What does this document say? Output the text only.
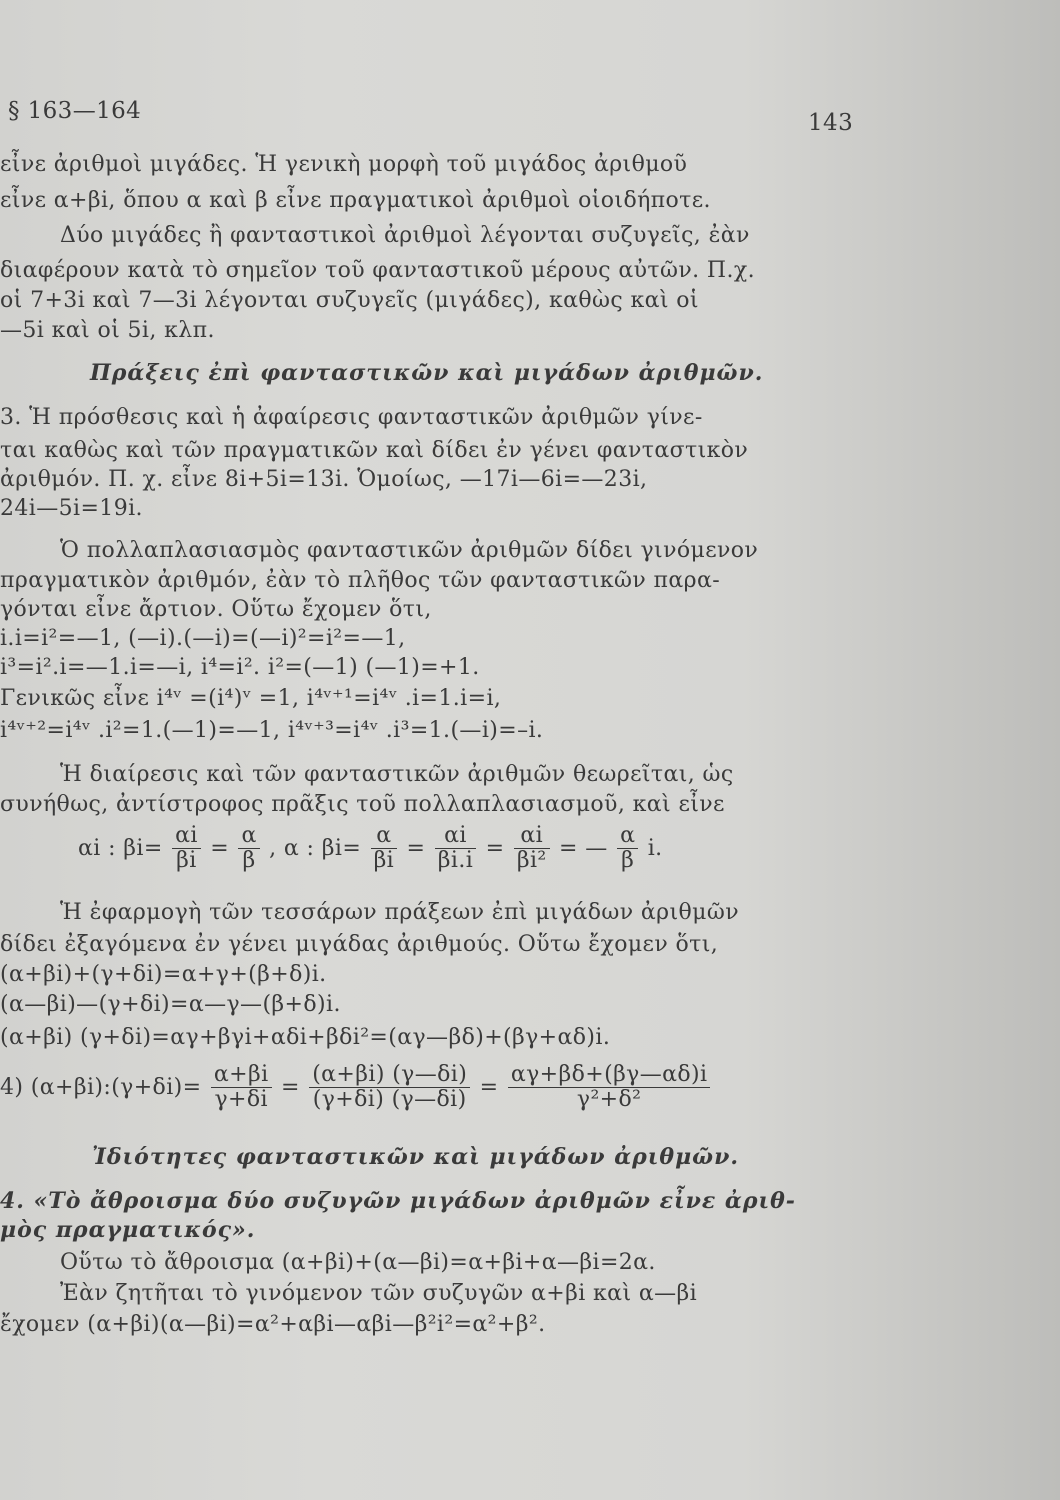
§ 163—164	143
εἶνε ἀριθμοὶ μιγάδες. Ἡ γενικὴ μορφὴ τοῦ μιγάδος ἀριθμοῦ
εἶνε α+βi, ὅπου α καὶ β εἶνε πραγματικοὶ ἀριθμοὶ οἱοιδήποτε.
Δύο μιγάδες ἢ φανταστικοὶ ἀριθμοὶ λέγονται συζυγεῖς, ἐὰν
διαφέρουν κατὰ τὸ σημεῖον τοῦ φανταστικοῦ μέρους αὐτῶν. Π.χ.
οἱ 7+3i καὶ 7—3i λέγονται συζυγεῖς (μιγάδες), καθὼς καὶ οἱ
—5i καὶ οἱ 5i, κλπ.
Πράξεις ἐπὶ φανταστικῶν καὶ μιγάδων ἀριθμῶν.
3. Ἡ πρόσθεσις καὶ ἡ ἀφαίρεσις φανταστικῶν ἀριθμῶν γίνε-
ται καθὼς καὶ τῶν πραγματικῶν καὶ δίδει ἐν γένει φανταστικὸν
ἀριθμόν. Π. χ. εἶνε 8i+5i=13i. Ὁμοίως, —17i—6i=—23i,
24i—5i=19i.
Ὁ πολλαπλασιασμὸς φανταστικῶν ἀριθμῶν δίδει γινόμενον
πραγματικὸν ἀριθμόν, ἐὰν τὸ πλῆθος τῶν φανταστικῶν παρα-
γόνται εἶνε ἄρτιον. Οὕτω ἔχομεν ὅτι,
i.i=i²=—1, (—i).(—i)=(—i)²=i²=—1,
i³=i².i=—1.i=—i, i⁴=i². i²=(—1) (—1)=+1.
Γενικῶς εἶνε i⁴ᵛ =(i⁴)ᵛ =1, i⁴ᵛ⁺¹=i⁴ᵛ .i=1.i=i,
i⁴ᵛ⁺²=i⁴ᵛ .i²=1.(—1)=—1, i⁴ᵛ⁺³=i⁴ᵛ .i³=1.(—i)=–i.
Ἡ διαίρεσις καὶ τῶν φανταστικῶν ἀριθμῶν θεωρεῖται, ὡς
συνήθως, ἀντίστροφος πρᾶξις τοῦ πολλαπλασιασμοῦ, καὶ εἶνε
αi : $\beta i= \frac{\alpha i}{\beta i} = \frac{\alpha}{\beta}$ , α : $\beta i= \frac{\alpha}{\beta i} = \frac{\alpha i}{\beta i.i} = \frac{\alpha i}{\text{βi²}}$ = — $\frac{\alpha}{\beta} i$.
Ἡ ἐφαρμογὴ τῶν τεσσάρων πράξεων ἐπὶ μιγάδων ἀριθμῶν
δίδει ἐξαγόμενα ἐν γένει μιγάδας ἀριθμούς. Οὕτω ἔχομεν ὅτι,
(α+βi)+(γ+δi)=α+γ+(β+δ)i.
(α—βi)—(γ+δi)=α—γ—(β+δ)i.
(α+βi) (γ+δi)=αγ+βγi+αδi+βδi²=(αγ—βδ)+(βγ+αδ)i.
4) (α+βi):(γ+δi)= $\frac{\alpha+\beta i}{\gamma+\delta i} = \frac{(\alpha+\beta i) (\gamma—\delta i)}{(\gamma+\delta i) (\gamma—\delta i)} = \frac{\alpha\gamma+\beta\delta+(\beta\gamma—\alpha\delta)i}{\text{γ²+δ²}}$
Ἰδιότητες φανταστικῶν καὶ μιγάδων ἀριθμῶν.
4. «Τὸ ἄθροισμα δύο συζυγῶν μιγάδων ἀριθμῶν εἶνε ἀριθ-
μὸς πραγματικός».
Οὕτω τὸ ἄθροισμα (α+βi)+(α—βi)=α+βi+α—βi=2α.
Ἐὰν ζητῆται τὸ γινόμενον τῶν συζυγῶν α+βi καὶ α—βi
ἔχομεν (α+βi)(α—βi)=α²+αβi—αβi—β²i²=α²+β².
